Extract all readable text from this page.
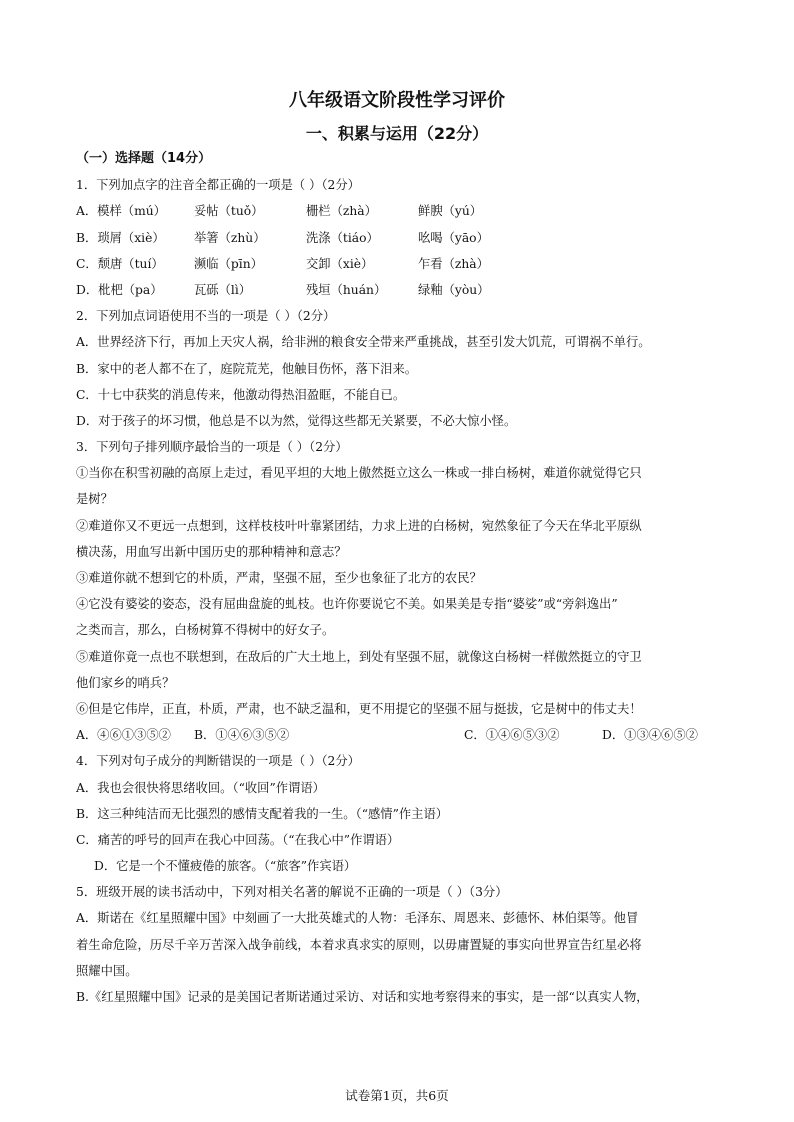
八年级语文阶段性学习评价
一、积累与运用（22分）
（一）选择题（14分）
1．下列加点字的注音全都正确的一项是（ ）（2分）
A．模样（mú） 妥帖（tuǒ）	栅栏（zhà）	鲜腴（yú）
B．琐屑（xiè） 举箸（zhù）	洗涤（tiáo）	吆喝（yāo）
C．颓唐（tuí） 濒临（pīn）	交卸（xiè）	乍看（zhà）
D．枇杷（pa）	瓦砾（lì）	残垣（huán）	绿釉（yòu）
2．下列加点词语使用不当的一项是（ ）（2分）
A．世界经济下行，再加上天灾人祸，给非洲的粮食安全带来严重挑战，甚至引发大饥荒，可谓祸不单行。
B．家中的老人都不在了，庭院荒芜，他触目伤怀，落下泪来。
C．十七中获奖的消息传来，他激动得热泪盈眶，不能自已。
D．对于孩子的坏习惯，他总是不以为然，觉得这些都无关紧要，不必大惊小怪。
3．下列句子排列顺序最恰当的一项是（ ）（2分）
①当你在积雪初融的高原上走过，看见平坦的大地上傲然挺立这么一株或一排白杨树，难道你就觉得它只
是树？
②难道你又不更远一点想到，这样枝枝叶叶靠紧团结，力求上进的白杨树，宛然象征了今天在华北平原纵
横决荡，用血写出新中国历史的那种精神和意志？
③难道你就不想到它的朴质，严肃，坚强不屈，至少也象征了北方的农民？
④它没有婆娑的姿态，没有屈曲盘旋的虬枝。也许你要说它不美。如果美是专指“婆娑”或“旁斜逸出”
之类而言，那么，白杨树算不得树中的好女子。
⑤难道你竟一点也不联想到，在敌后的广大土地上，到处有坚强不屈，就像这白杨树一样傲然挺立的守卫
他们家乡的哨兵？
⑥但是它伟岸，正直，朴质，严肃，也不缺乏温和，更不用提它的坚强不屈与挺拔，它是树中的伟丈夫！
A．④⑥①③⑤② B．①④⑥③⑤②	C．①④⑥⑤③②	D．①③④⑥⑤②
4．下列对句子成分的判断错误的一项是（ ）（2分）
A．我也会很快将思绪收回。（“收回”作谓语）
B．这三种纯洁而无比强烈的感情支配着我的一生。（“感情”作主语）
C．痛苦的呼号的回声在我心中回荡。（“在我心中”作谓语）
D．它是一个不懂疲倦的旅客。（“旅客”作宾语）
5．班级开展的读书活动中，下列对相关名著的解说不正确的一项是（ ）（3分）
A．斯诺在《红星照耀中国》中刻画了一大批英雄式的人物：毛泽东、周恩来、彭德怀、林伯渠等。他冒
着生命危险，历尽千辛万苦深入战争前线，本着求真求实的原则，以毋庸置疑的事实向世界宣告红星必将
照耀中国。
B.《红星照耀中国》记录的是美国记者斯诺通过采访、对话和实地考察得来的事实，是一部“以真实人物，
试卷第1页，共6页
